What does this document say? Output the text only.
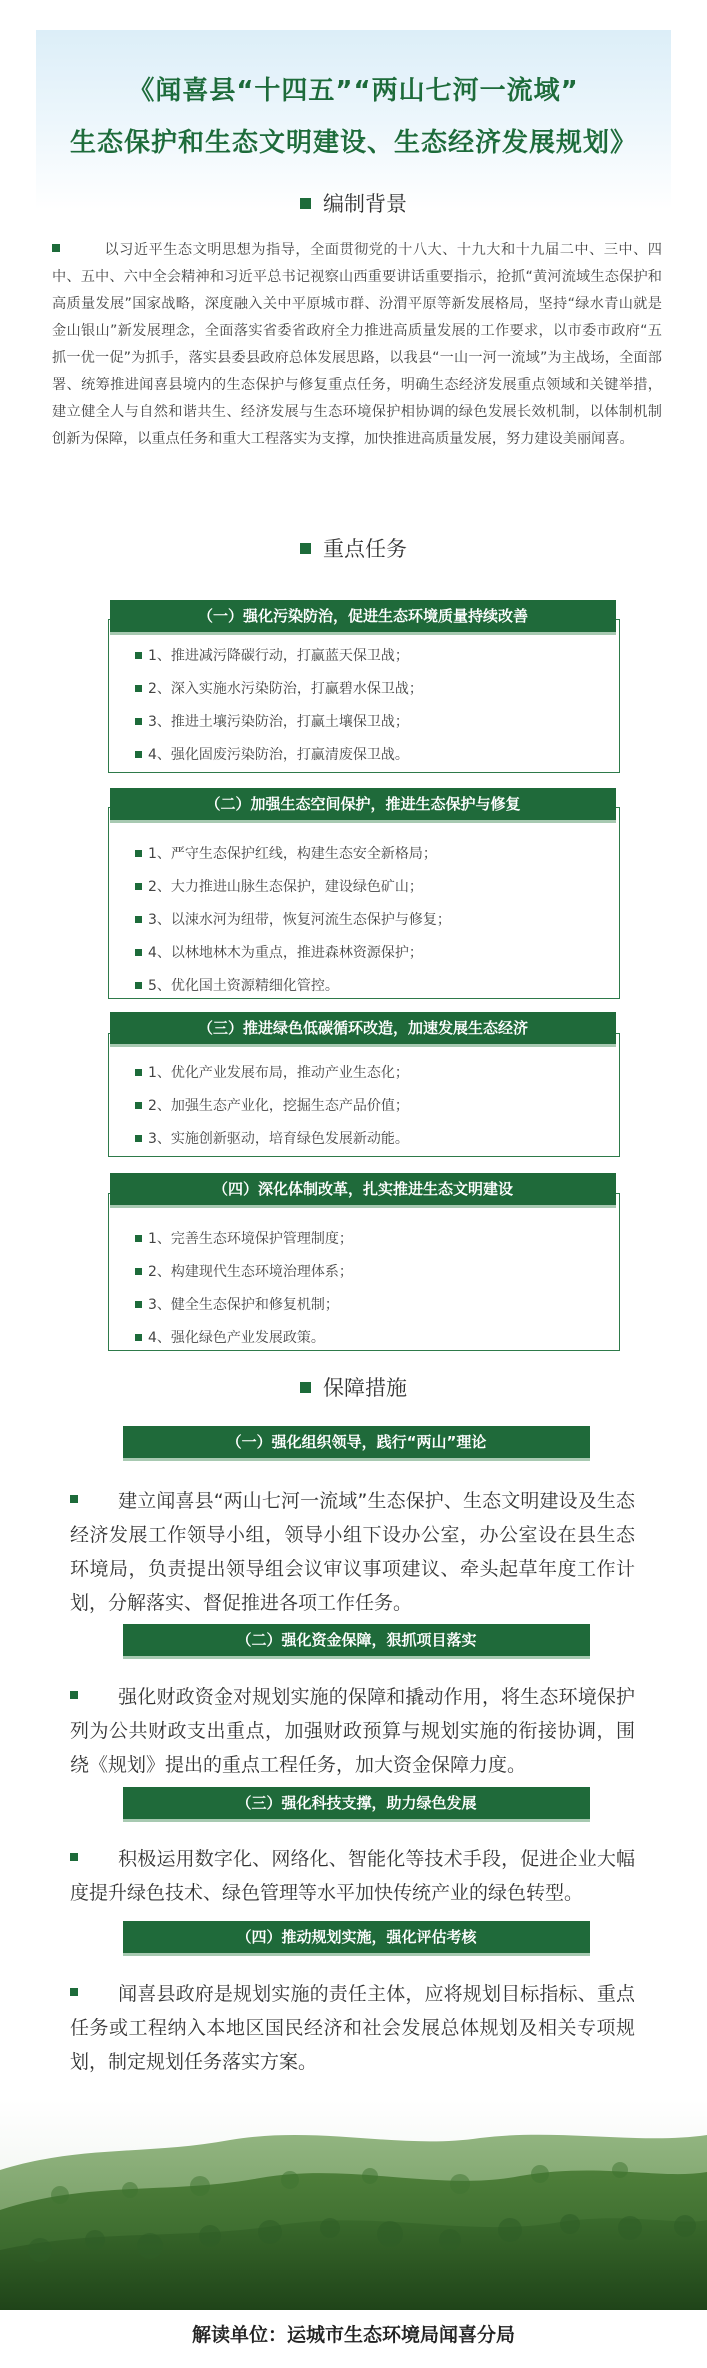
《闻喜县“十四五”“两山七河一流域”
生态保护和生态文明建设、生态经济发展规划》
编制背景
以习近平生态文明思想为指导，全面贯彻党的十八大、十九大和十九届二中、三中、四中、五中、六中全会精神和习近平总书记视察山西重要讲话重要指示，抢抓“黄河流域生态保护和高质量发展”国家战略，深度融入关中平原城市群、汾渭平原等新发展格局，坚持“绿水青山就是金山银山”新发展理念，全面落实省委省政府全力推进高质量发展的工作要求，以市委市政府“五抓一优一促”为抓手，落实县委县政府总体发展思路，以我县“一山一河一流域”为主战场，全面部署、统筹推进闻喜县境内的生态保护与修复重点任务，明确生态经济发展重点领域和关键举措，建立健全人与自然和谐共生、经济发展与生态环境保护相协调的绿色发展长效机制，以体制机制创新为保障，以重点任务和重大工程落实为支撑，加快推进高质量发展，努力建设美丽闻喜。
重点任务
1、推进减污降碳行动，打赢蓝天保卫战；
2、深入实施水污染防治，打赢碧水保卫战；
3、推进土壤污染防治，打赢土壤保卫战；
4、强化固废污染防治，打赢清废保卫战。
（一）强化污染防治，促进生态环境质量持续改善
1、严守生态保护红线，构建生态安全新格局；
2、大力推进山脉生态保护，建设绿色矿山；
3、以涑水河为纽带，恢复河流生态保护与修复；
4、以林地林木为重点，推进森林资源保护；
5、优化国土资源精细化管控。
（二）加强生态空间保护，推进生态保护与修复
1、优化产业发展布局，推动产业生态化；
2、加强生态产业化，挖掘生态产品价值；
3、实施创新驱动，培育绿色发展新动能。
（三）推进绿色低碳循环改造，加速发展生态经济
1、完善生态环境保护管理制度；
2、构建现代生态环境治理体系；
3、健全生态保护和修复机制；
4、强化绿色产业发展政策。
（四）深化体制改革，扎实推进生态文明建设
保障措施
（一）强化组织领导，践行“两山”理论
建立闻喜县“两山七河一流域”生态保护、生态文明建设及生态经济发展工作领导小组，领导小组下设办公室，办公室设在县生态环境局，负责提出领导组会议审议事项建议、牵头起草年度工作计划，分解落实、督促推进各项工作任务。
（二）强化资金保障，狠抓项目落实
强化财政资金对规划实施的保障和撬动作用，将生态环境保护列为公共财政支出重点，加强财政预算与规划实施的衔接协调，围绕《规划》提出的重点工程任务，加大资金保障力度。
（三）强化科技支撑，助力绿色发展
积极运用数字化、网络化、智能化等技术手段，促进企业大幅度提升绿色技术、绿色管理等水平加快传统产业的绿色转型。
（四）推动规划实施，强化评估考核
闻喜县政府是规划实施的责任主体，应将规划目标指标、重点任务或工程纳入本地区国民经济和社会发展总体规划及相关专项规划，制定规划任务落实方案。
解读单位：运城市生态环境局闻喜分局
